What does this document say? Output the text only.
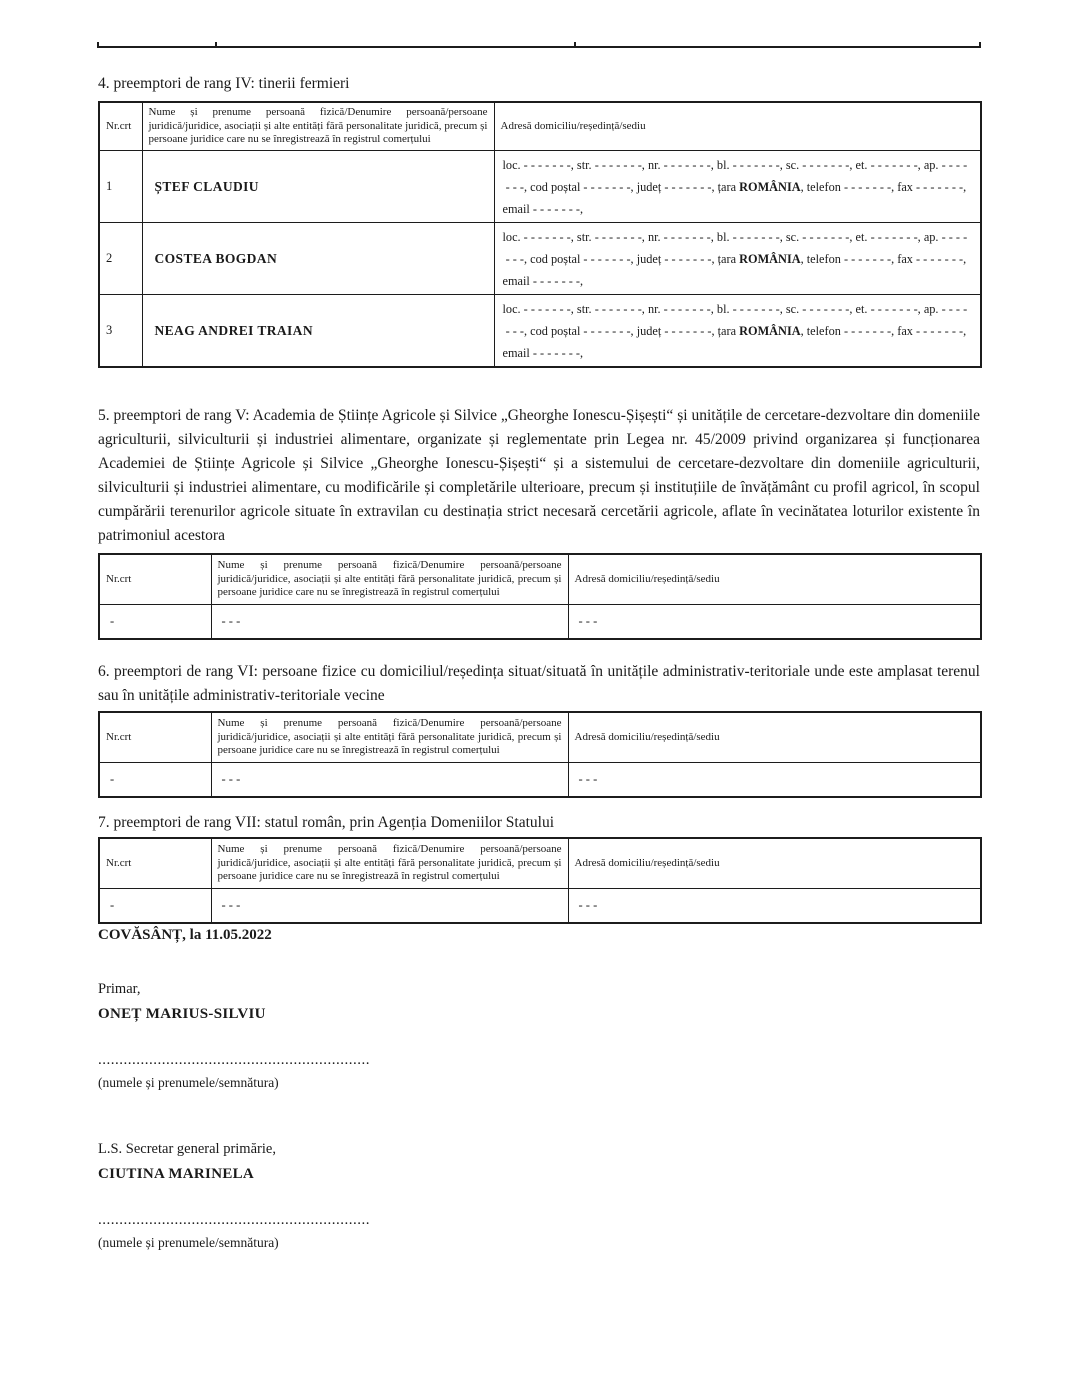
4. preemptori de rang IV: tinerii fermieri

Nr.crt	Nume și prenume persoană fizică/Denumire persoană/persoane juridică/juridice, asociații și alte entități fără personalitate juridică, precum și persoane juridice care nu se înregistrează în registrul comerțului	Adresă domiciliu/reședință/sediu
1	ȘTEF CLAUDIU	loc. - - - - - - -, str. - - - - - - -, nr. - - - - - - -, bl. - - - - - - -, sc. - - - - - - -, et. - - - - - - -, ap. - - - - - - -, cod poștal - - - - - - -, județ - - - - - - -, țara ROMÂNIA, telefon - - - - - - -, fax - - - - - - -, email - - - - - - -,
2	COSTEA BOGDAN	loc. - - - - - - -, str. - - - - - - -, nr. - - - - - - -, bl. - - - - - - -, sc. - - - - - - -, et. - - - - - - -, ap. - - - - - - -, cod poștal - - - - - - -, județ - - - - - - -, țara ROMÂNIA, telefon - - - - - - -, fax - - - - - - -, email - - - - - - -,
3	NEAG ANDREI TRAIAN	loc. - - - - - - -, str. - - - - - - -, nr. - - - - - - -, bl. - - - - - - -, sc. - - - - - - -, et. - - - - - - -, ap. - - - - - - -, cod poștal - - - - - - -, județ - - - - - - -, țara ROMÂNIA, telefon - - - - - - -, fax - - - - - - -, email - - - - - - -,

5. preemptori de rang V: Academia de Științe Agricole și Silvice „Gheorghe Ionescu-Șișești“ și unitățile de cercetare-dezvoltare din domeniile agriculturii, silviculturii și industriei alimentare, organizate și reglementate prin Legea nr. 45/2009 privind organizarea și funcționarea Academiei de Științe Agricole și Silvice „Gheorghe Ionescu-Șișești“ și a sistemului de cercetare-dezvoltare din domeniile agriculturii, silviculturii și industriei alimentare, cu modificările și completările ulterioare, precum și instituțiile de învățământ cu profil agricol, în scopul cumpărării terenurilor agricole situate în extravilan cu destinația strict necesară cercetării agricole, aflate în vecinătatea loturilor existente în patrimoniul acestora

Nr.crt	Nume și prenume persoană fizică/Denumire persoană/persoane juridică/juridice, asociații și alte entități fără personalitate juridică, precum și persoane juridice care nu se înregistrează în registrul comerțului	Adresă domiciliu/reședință/sediu
-	- - -	- - -

6. preemptori de rang VI: persoane fizice cu domiciliul/reședința situat/situată în unitățile administrativ-teritoriale unde este amplasat terenul sau în unitățile administrativ-teritoriale vecine

Nr.crt	Nume și prenume persoană fizică/Denumire persoană/persoane juridică/juridice, asociații și alte entități fără personalitate juridică, precum și persoane juridice care nu se înregistrează în registrul comerțului	Adresă domiciliu/reședință/sediu
-	- - -	- - -

7. preemptori de rang VII: statul român, prin Agenția Domeniilor Statului

Nr.crt	Nume și prenume persoană fizică/Denumire persoană/persoane juridică/juridice, asociații și alte entități fără personalitate juridică, precum și persoane juridice care nu se înregistrează în registrul comerțului	Adresă domiciliu/reședință/sediu
-	- - -	- - -

COVĂSÂNȚ, la 11.05.2022

Primar,

ONEȚ MARIUS-SILVIU

................................................................

(numele și prenumele/semnătura)

L.S. Secretar general primărie,

CIUTINA MARINELA

................................................................

(numele și prenumele/semnătura)
